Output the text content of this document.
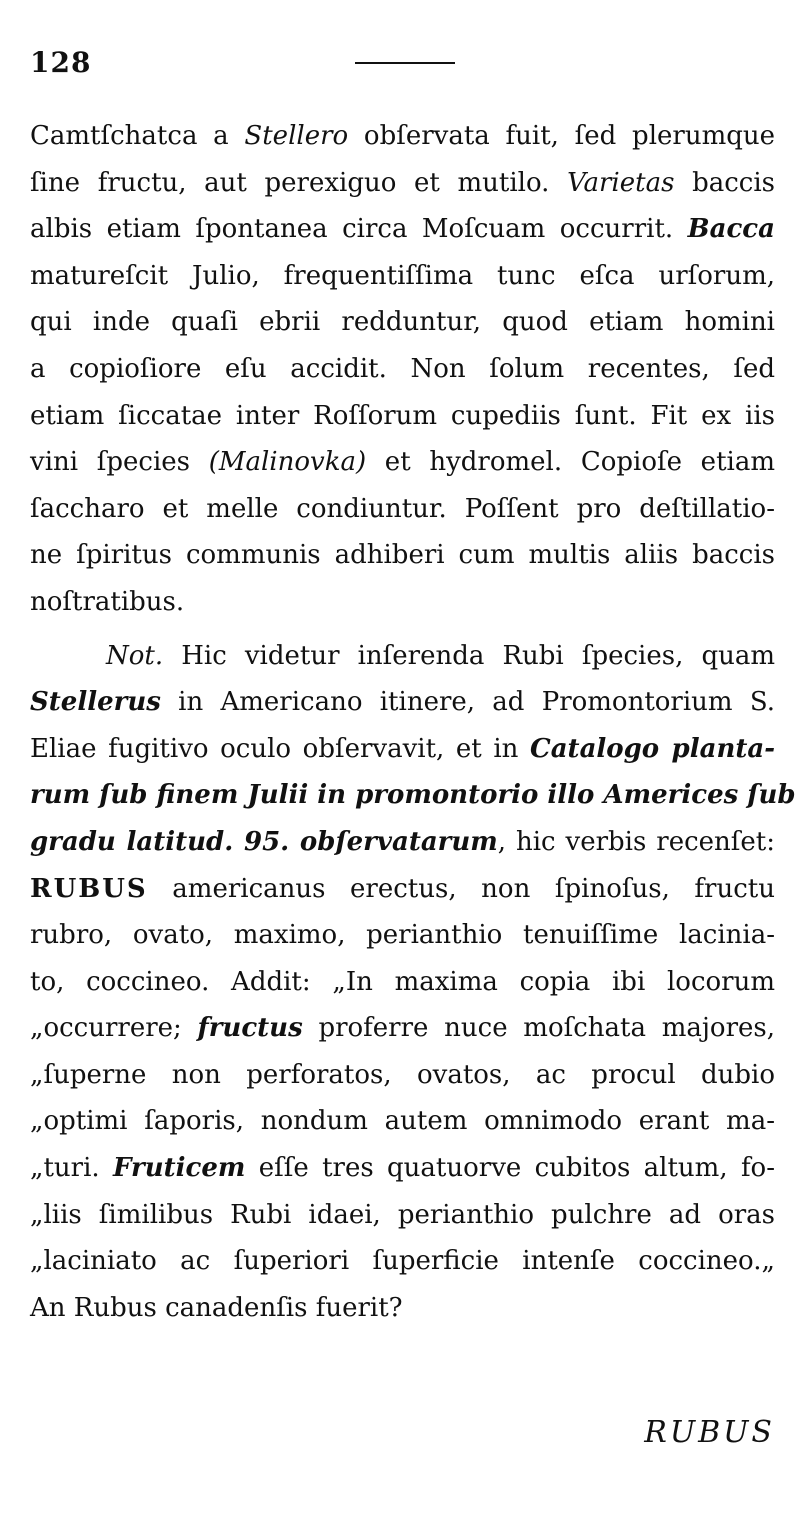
128
Camtſchatca a Stellero obſervata fuit, ſed plerumque
ſine fructu, aut perexiguo et mutilo. Varietas baccis
albis etiam ſpontanea circa Moſcuam occurrit. Bacca
matureſcit Julio, frequentiſſima tunc eſca urſorum,
qui inde quaſi ebrii redduntur, quod etiam homini
a copioſiore eſu accidit. Non ſolum recentes, ſed
etiam ſiccatae inter Roſſorum cupediis ſunt. Fit ex iis
vini ſpecies (Malinovka) et hydromel. Copioſe etiam
ſaccharo et melle condiuntur. Poſſent pro deſtillatio-
ne ſpiritus communis adhiberi cum multis aliis baccis
noſtratibus.
Not. Hic videtur inſerenda Rubi ſpecies, quam
Stellerus in Americano itinere, ad Promontorium S.
Eliae fugitivo oculo obſervavit, et in Catalogo planta-
rum ſub finem Julii in promontorio illo Americes ſub
gradu latitud. 95. obſervatarum, hic verbis recenſet:
RUBUS americanus erectus, non ſpinoſus, fructu
rubro, ovato, maximo, perianthio tenuiſſime lacinia-
to, coccineo. Addit: „In maxima copia ibi locorum
„occurrere; fructus proferre nuce moſchata majores,
„ſuperne non perforatos, ovatos, ac procul dubio
„optimi ſaporis, nondum autem omnimodo erant ma-
„turi. Fruticem eſſe tres quatuorve cubitos altum, fo-
„liis ſimilibus Rubi idaei, perianthio pulchre ad oras
„laciniato ac ſuperiori ſuperficie intenſe coccineo.„
An Rubus canadenſis fuerit?
RUBUS
